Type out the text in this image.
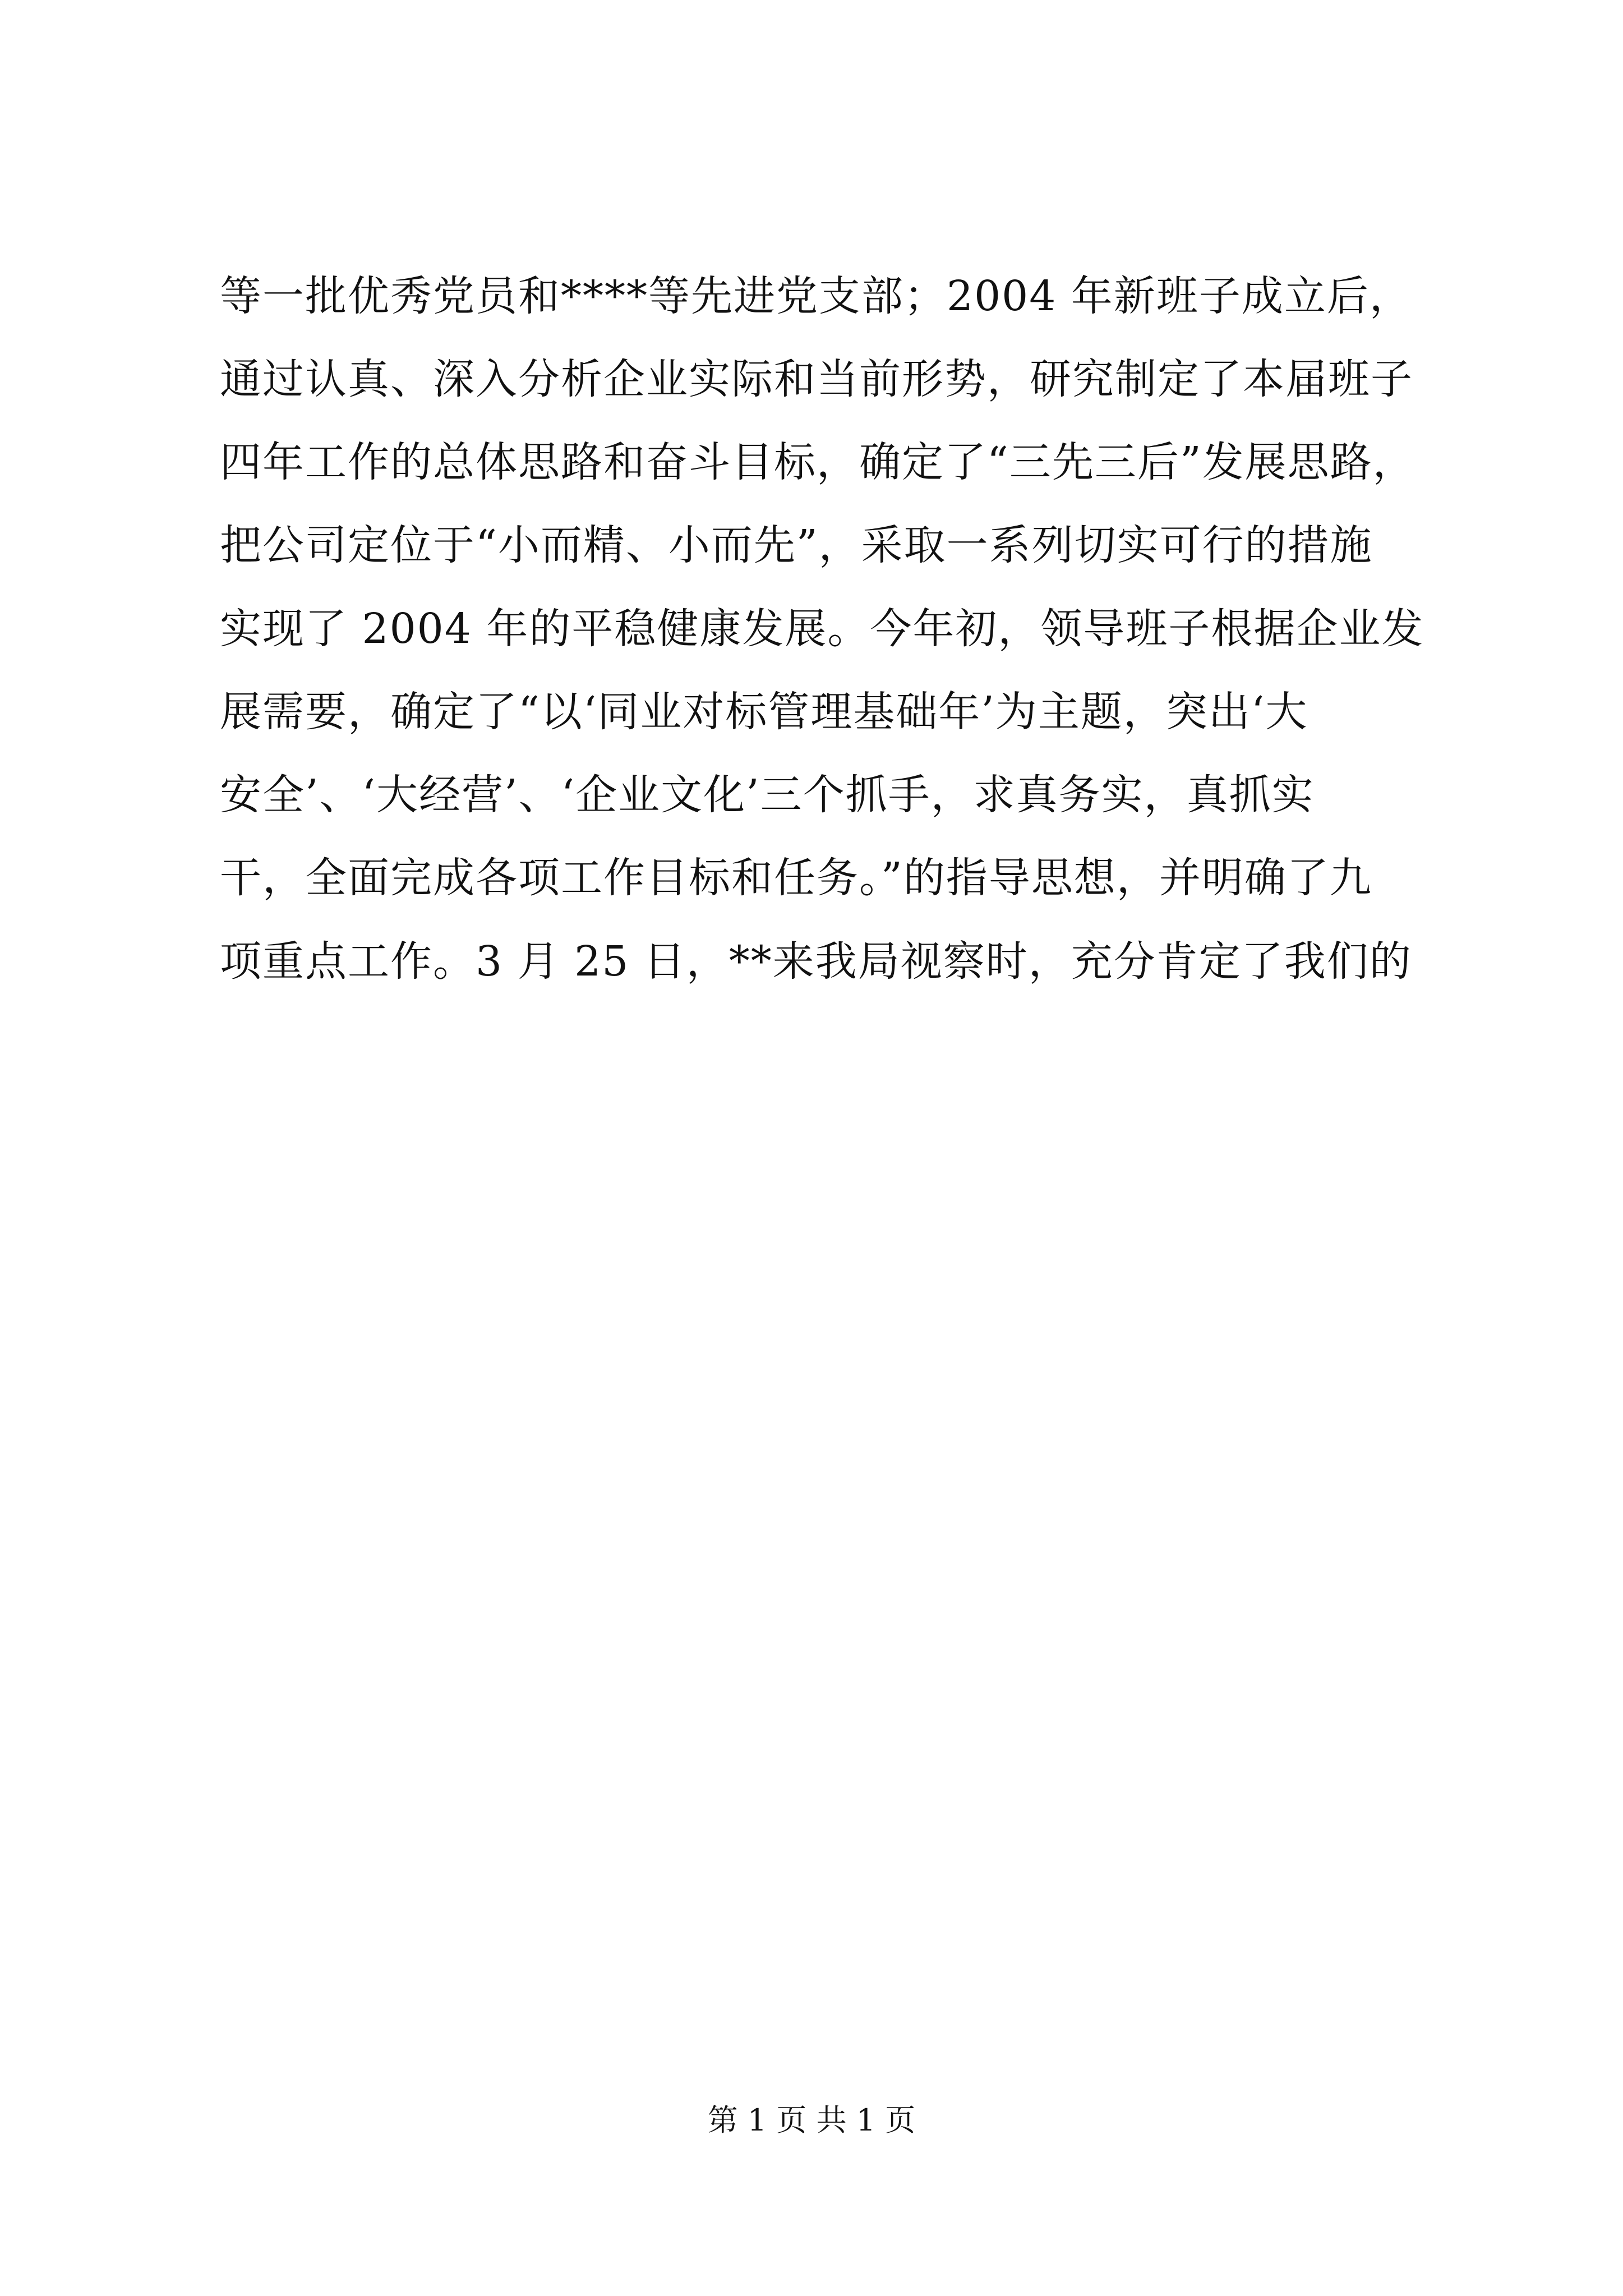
等一批优秀党员和****等先进党支部；2004 年新班子成立后，
通过认真、深入分析企业实际和当前形势，研究制定了本届班子
四年工作的总体思路和奋斗目标，确定了“三先三后”发展思路，
把公司定位于“小而精、小而先”，采取一系列切实可行的措施
实现了 2004 年的平稳健康发展。今年初，领导班子根据企业发
展需要，确定了“以‘同业对标管理基础年’为主题，突出‘大
安全’、‘大经营’、‘企业文化’三个抓手，求真务实，真抓实
干，全面完成各项工作目标和任务。”的指导思想，并明确了九
项重点工作。3 月 25 日，**来我局视察时，充分肯定了我们的
第 1 页 共 1 页
